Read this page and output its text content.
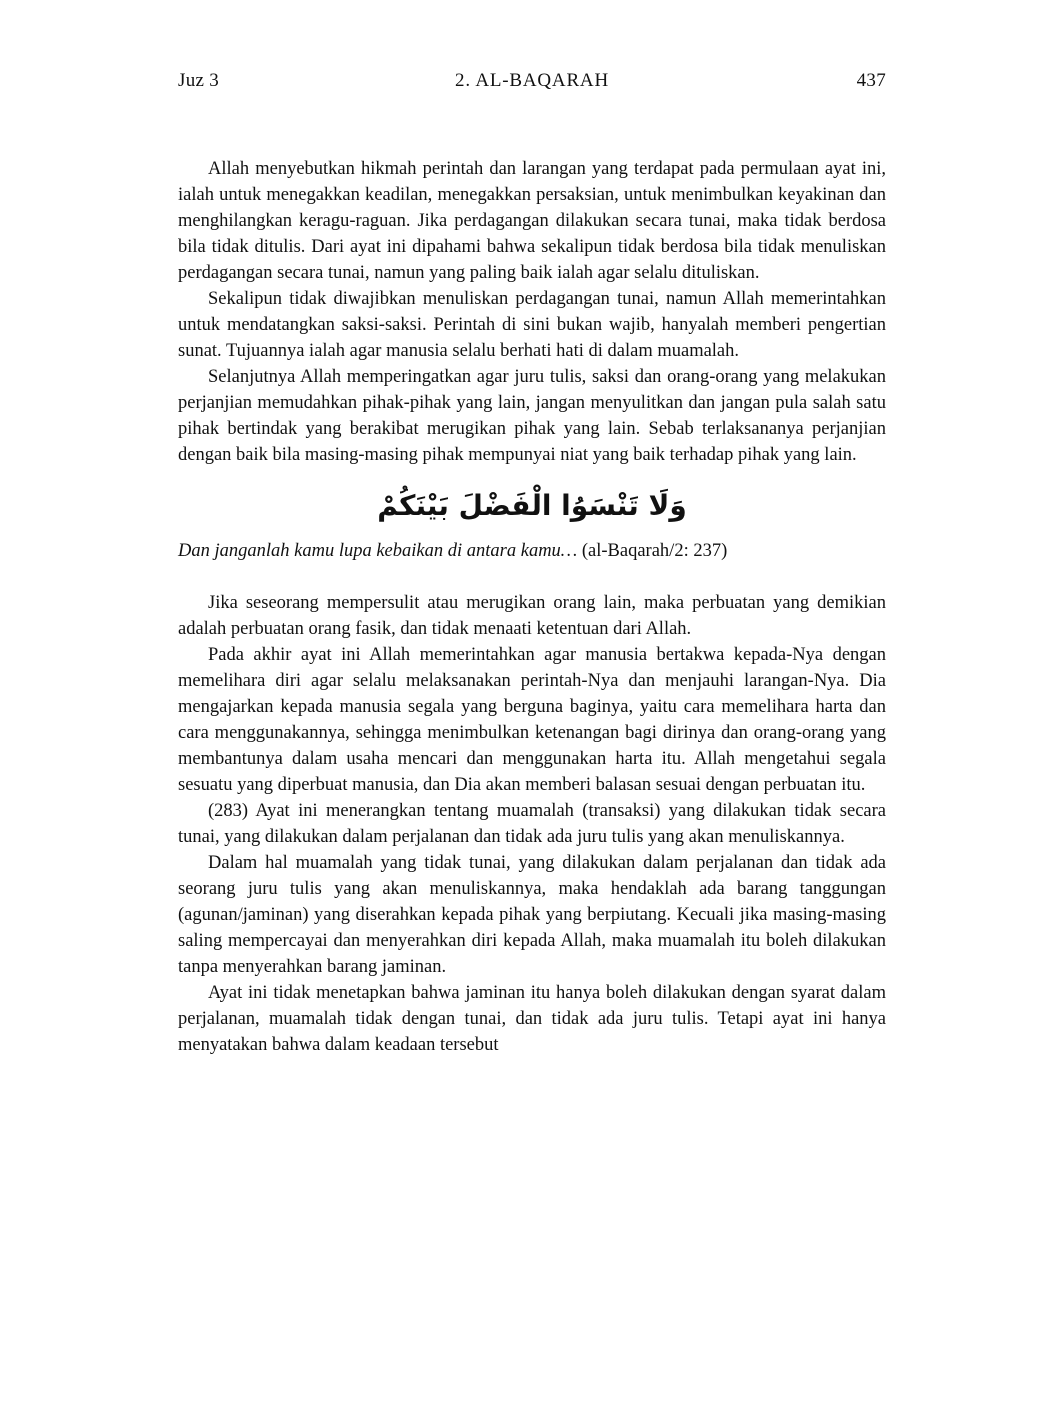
Juz 3	2. AL-BAQARAH	437

Allah menyebutkan hikmah perintah dan larangan yang terdapat pada permulaan ayat ini, ialah untuk menegakkan keadilan, menegakkan persaksian, untuk menimbulkan keyakinan dan menghilangkan keragu-raguan. Jika perdagangan dilakukan secara tunai, maka tidak berdosa bila tidak ditulis. Dari ayat ini dipahami bahwa sekalipun tidak berdosa bila tidak menuliskan perdagangan secara tunai, namun yang paling baik ialah agar selalu dituliskan.

Sekalipun tidak diwajibkan menuliskan perdagangan tunai, namun Allah memerintahkan untuk mendatangkan saksi-saksi. Perintah di sini bukan wajib, hanyalah memberi pengertian sunat. Tujuannya ialah agar manusia selalu berhati hati di dalam muamalah.

Selanjutnya Allah memperingatkan agar juru tulis, saksi dan orang-orang yang melakukan perjanjian memudahkan pihak-pihak yang lain, jangan menyulitkan dan jangan pula salah satu pihak bertindak yang berakibat merugikan pihak yang lain. Sebab terlaksananya perjanjian dengan baik bila masing-masing pihak mempunyai niat yang baik terhadap pihak yang lain.

وَلَا تَنْسَوُا الْفَضْلَ بَيْنَكُمْ

Dan janganlah kamu lupa kebaikan di antara kamu… (al-Baqarah/2: 237)

Jika seseorang mempersulit atau merugikan orang lain, maka perbuatan yang demikian adalah perbuatan orang fasik, dan tidak menaati ketentuan dari Allah.

Pada akhir ayat ini Allah memerintahkan agar manusia bertakwa kepada-Nya dengan memelihara diri agar selalu melaksanakan perintah-Nya dan menjauhi larangan-Nya. Dia mengajarkan kepada manusia segala yang berguna baginya, yaitu cara memelihara harta dan cara menggunakannya, sehingga menimbulkan ketenangan bagi dirinya dan orang-orang yang membantunya dalam usaha mencari dan menggunakan harta itu. Allah mengetahui segala sesuatu yang diperbuat manusia, dan Dia akan memberi balasan sesuai dengan perbuatan itu.

(283) Ayat ini menerangkan tentang muamalah (transaksi) yang dilakukan tidak secara tunai, yang dilakukan dalam perjalanan dan tidak ada juru tulis yang akan menuliskannya.

Dalam hal muamalah yang tidak tunai, yang dilakukan dalam perjalanan dan tidak ada seorang juru tulis yang akan menuliskannya, maka hendaklah ada barang tanggungan (agunan/jaminan) yang diserahkan kepada pihak yang berpiutang. Kecuali jika masing-masing saling mempercayai dan menyerahkan diri kepada Allah, maka muamalah itu boleh dilakukan tanpa menyerahkan barang jaminan.

Ayat ini tidak menetapkan bahwa jaminan itu hanya boleh dilakukan dengan syarat dalam perjalanan, muamalah tidak dengan tunai, dan tidak ada juru tulis. Tetapi ayat ini hanya menyatakan bahwa dalam keadaan tersebut
